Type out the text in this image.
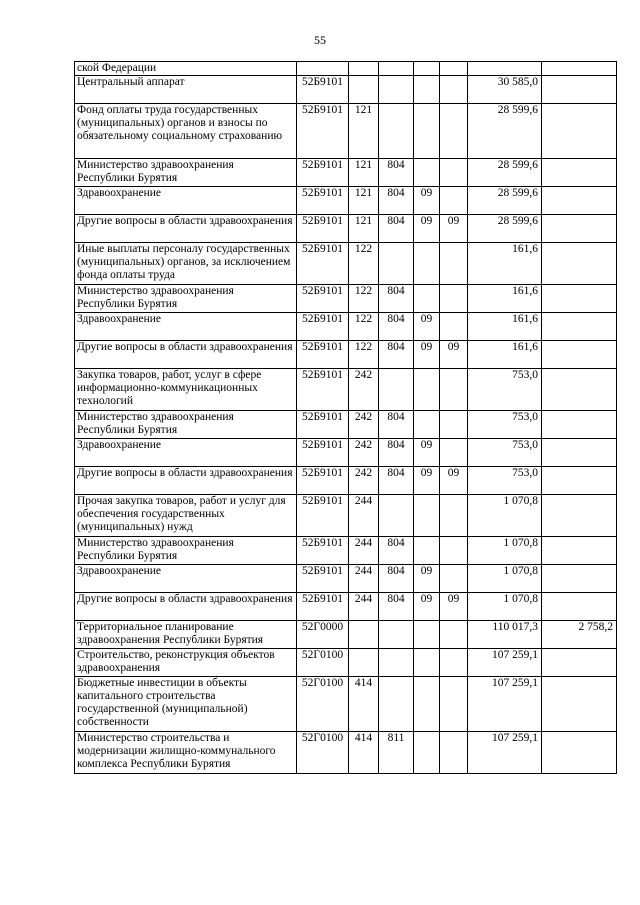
55
ской Федерации							
Центральный аппарат	52Б9101					30 585,0	
Фонд оплаты труда государственных (муниципальных) органов и взносы по обязательному социальному страхованию	52Б9101	121				28 599,6	
Министерство здравоохранения Республики Бурятия	52Б9101	121	804			28 599,6	
Здравоохранение	52Б9101	121	804	09		28 599,6	
Другие вопросы в области здравоохранения	52Б9101	121	804	09	09	28 599,6	
Иные выплаты персоналу государственных (муниципальных) органов, за исключением фонда оплаты труда	52Б9101	122				161,6	
Министерство здравоохранения Республики Бурятия	52Б9101	122	804			161,6	
Здравоохранение	52Б9101	122	804	09		161,6	
Другие вопросы в области здравоохранения	52Б9101	122	804	09	09	161,6	
Закупка товаров, работ, услуг в сфере информационно-коммуникационных технологий	52Б9101	242				753,0	
Министерство здравоохранения Республики Бурятия	52Б9101	242	804			753,0	
Здравоохранение	52Б9101	242	804	09		753,0	
Другие вопросы в области здравоохранения	52Б9101	242	804	09	09	753,0	
Прочая закупка товаров, работ и услуг для обеспечения государственных (муниципальных) нужд	52Б9101	244				1 070,8	
Министерство здравоохранения Республики Бурятия	52Б9101	244	804			1 070,8	
Здравоохранение	52Б9101	244	804	09		1 070,8	
Другие вопросы в области здравоохранения	52Б9101	244	804	09	09	1 070,8	
Территориальное планирование здравоохранения Республики Бурятия	52Г0000					110 017,3	2 758,2
Строительство, реконструкция объектов здравоохранения	52Г0100					107 259,1	
Бюджетные инвестиции в объекты капитального строительства государственной (муниципальной) собственности	52Г0100	414				107 259,1	
Министерство строительства и модернизации жилищно-коммунального комплекса Республики Бурятия	52Г0100	414	811			107 259,1	
